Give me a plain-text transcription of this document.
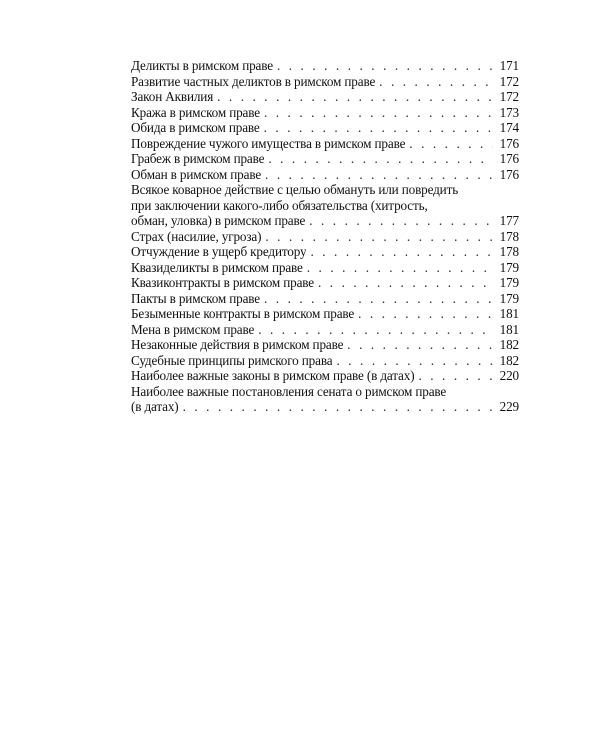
Деликты в римском праве . . .	171
Развитие частных деликтов в римском праве . . .	172
Закон Аквилия . . .	172
Кража в римском праве . . .	173
Обида в римском праве . . .	174
Повреждение чужого имущества в римском праве . . .	176
Грабеж в римском праве . . .	176
Обман в римском праве . . .	176
Всякое коварное действие с целью обмануть или повредить
при заключении какого-либо обязательства (хитрость,
обман, уловка) в римском праве . . .	177
Страх (насилие, угроза) . . .	178
Отчуждение в ущерб кредитору . . .	178
Квазиделикты в римском праве . . .	179
Квазиконтракты в римском праве . . .	179
Пакты в римском праве . . .	179
Безыменные контракты в римском праве . . .	181
Мена в римском праве . . .	181
Незаконные действия в римском праве . . .	182
Судебные принципы римского права . . .	182
Наиболее важные законы в римском праве (в датах) . . .	220
Наиболее важные постановления сената о римском праве
(в датах) . . .	229
